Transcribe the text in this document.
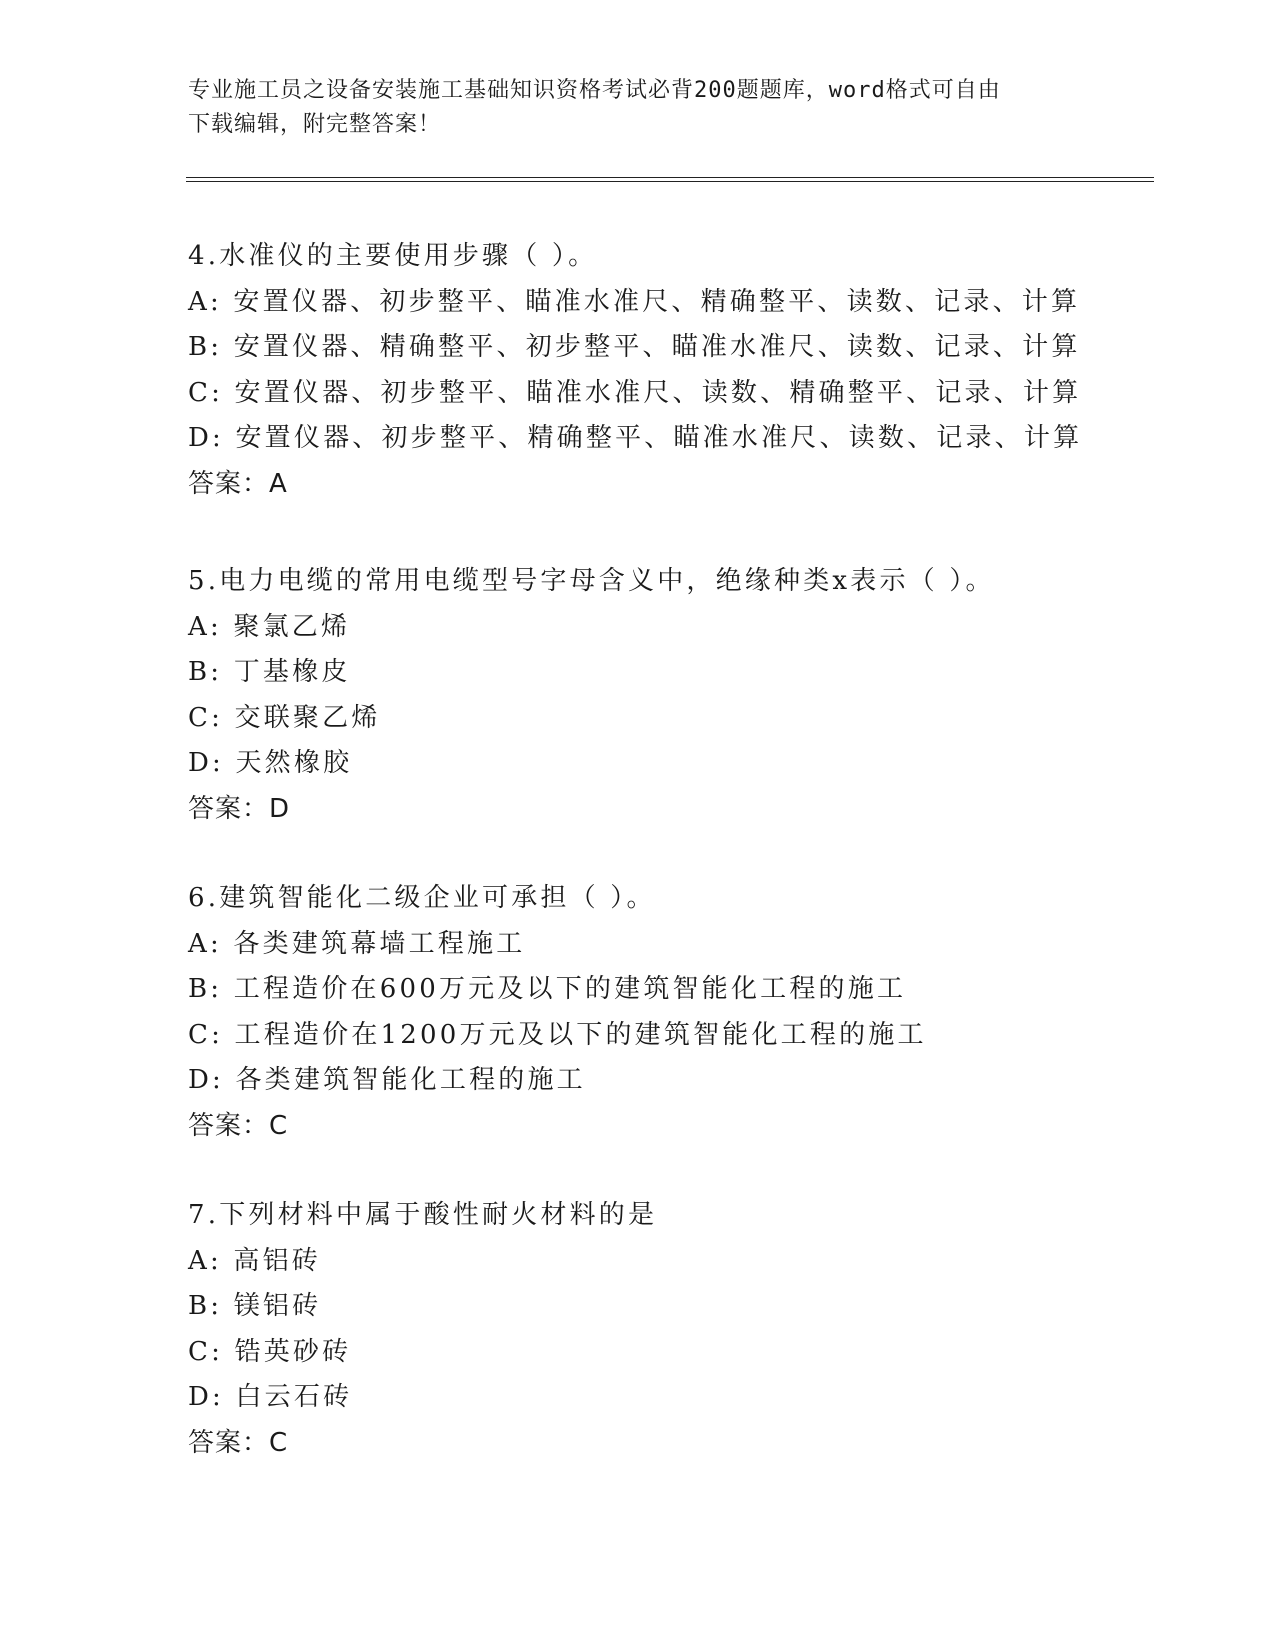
专业施工员之设备安装施工基础知识资格考试必背200题题库，word格式可自由
下载编辑，附完整答案！
4.水准仪的主要使用步骤（ ）。
A: 安置仪器、初步整平、瞄准水准尺、精确整平、读数、记录、计算
B: 安置仪器、精确整平、初步整平、瞄准水准尺、读数、记录、计算
C: 安置仪器、初步整平、瞄准水准尺、读数、精确整平、记录、计算
D: 安置仪器、初步整平、精确整平、瞄准水准尺、读数、记录、计算
答案：A
5.电力电缆的常用电缆型号字母含义中，绝缘种类x表示（ ）。
A: 聚氯乙烯
B: 丁基橡皮
C: 交联聚乙烯
D: 天然橡胶
答案：D
6.建筑智能化二级企业可承担（ ）。
A: 各类建筑幕墙工程施工
B: 工程造价在600万元及以下的建筑智能化工程的施工
C: 工程造价在1200万元及以下的建筑智能化工程的施工
D: 各类建筑智能化工程的施工
答案：C
7.下列材料中属于酸性耐火材料的是
A: 高铝砖
B: 镁铝砖
C: 锆英砂砖
D: 白云石砖
答案：C
